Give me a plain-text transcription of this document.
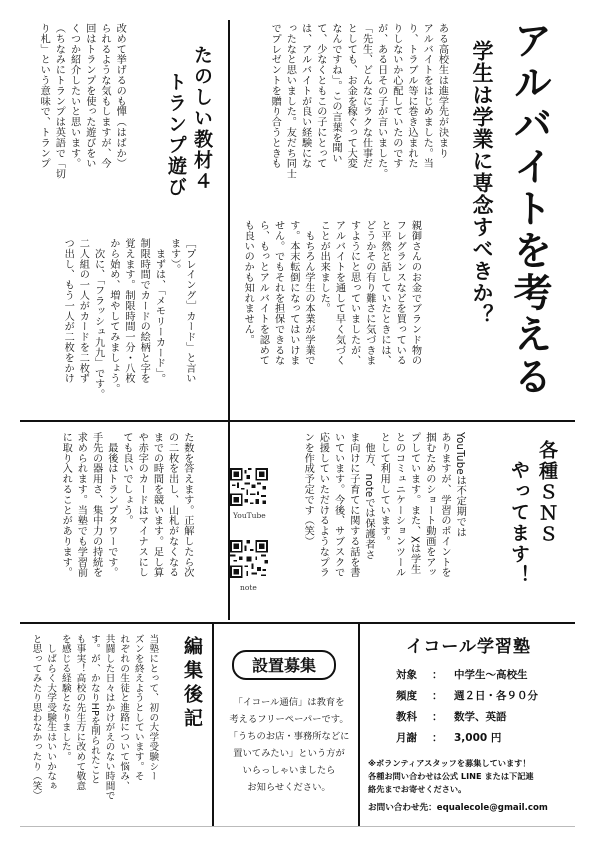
アルバイトを考える
学生は学業に専念すべきか？
ある高校生は進学先が決まり
アルバイトをはじめました。当
り、トラブル等に巻き込まれた
りしないか心配していたのです
が、ある日その子が言いました。
「先生、どんなにラクな仕事だ
としても、お金を稼ぐって大変
なんですね」。この言葉を聞い
て、少なくともこの子にとって
は、アルバイトが良い経験にな
ったなと思いました。友だち同士
でプレゼントを贈り合うときも
親御さんのお金でブランド物の
フレグランスなどを買っている
と平然と話していたときには、
どうかその有り難さに気づきま
すようにと思っていましたが、
アルバイトを通して早く気づく
ことが出来ました。
　もちろん学生の本業が学業で
す。本末転倒になってはいけま
せん。でもそれを担保できるな
ら、もっとアルバイトを認めて
も良いのかも知れません。
たのしい教材４
トランプ遊び
改めて挙げるのも憚（はばか）
られるような気もしますが、今
回はトランプを使った遊びをい
くつか紹介したいと思います。
（ちなみにトランプは英語で「切
り札」という意味で、トランプ
［プレイング］カード」と言い
ます）。
　まずは、「メモリーカード」。
制限時間でカードの絵柄と字を
覚えます。制限時間一分・八枚
から始め、増やしてみましょう。
　次に、「フラッシュ九九」です。
二人組の一人がカードを二枚ず
つ出し、もう一人が二枚をかけ
各種ＳＮＳ
やってます！
YouTubeは不定期では
ありますが、学習のポイントを
掴むためのショート動画をアッ
プしています。また、Xは学生
とのコミュニケーションツール
として利用しています。
　他方、noteでは保護者さ
ま向けに子育てに関する話を書
いています。今後、サブスクで
応援していただけるようなプラ
ンを作成予定です（笑）
YouTube
note
た数を答えます。正解したら次
の二枚を出し、山札がなくなる
までの時間を競います。足し算
や赤字のカードはマイナスにし
ても良いでしょう。
　最後はトランプタワーです。
手先の器用さ、集中力の持続を
求められます。当塾でも学習前
に取り入れることがあります。
編集後記
当塾にとって、初の大学受験シー
ズンを終えようとしています。そ
れぞれの生徒と進路について悩み、
共闘した日々はかけがえのない時間で
す。が、かなりHPを削られたこと
も事実！高校の先生方に改めて敬意
を感じる経験となりました。
　しばらく大学受験生はいいかなぁ
と思ってみたり思わなかったり（笑）	設置募集
「イコール通信」は教育を
考えるフリーペーパーです。
「うちのお店・事務所などに
置いてみたい」という方が
いらっしゃいましたら
お知らせください。
イコール学習塾

対象

：

中学生～高校生

頻度

：

週２日・各９０分

教科

：

数学、英語

月謝

：

3,000 円

※ボランティアスタッフを募集しています！
各種お問い合わせは公式 LINE または下記連
絡先までお寄せください。
お問い合わせ先：equalecole@gmail.com
